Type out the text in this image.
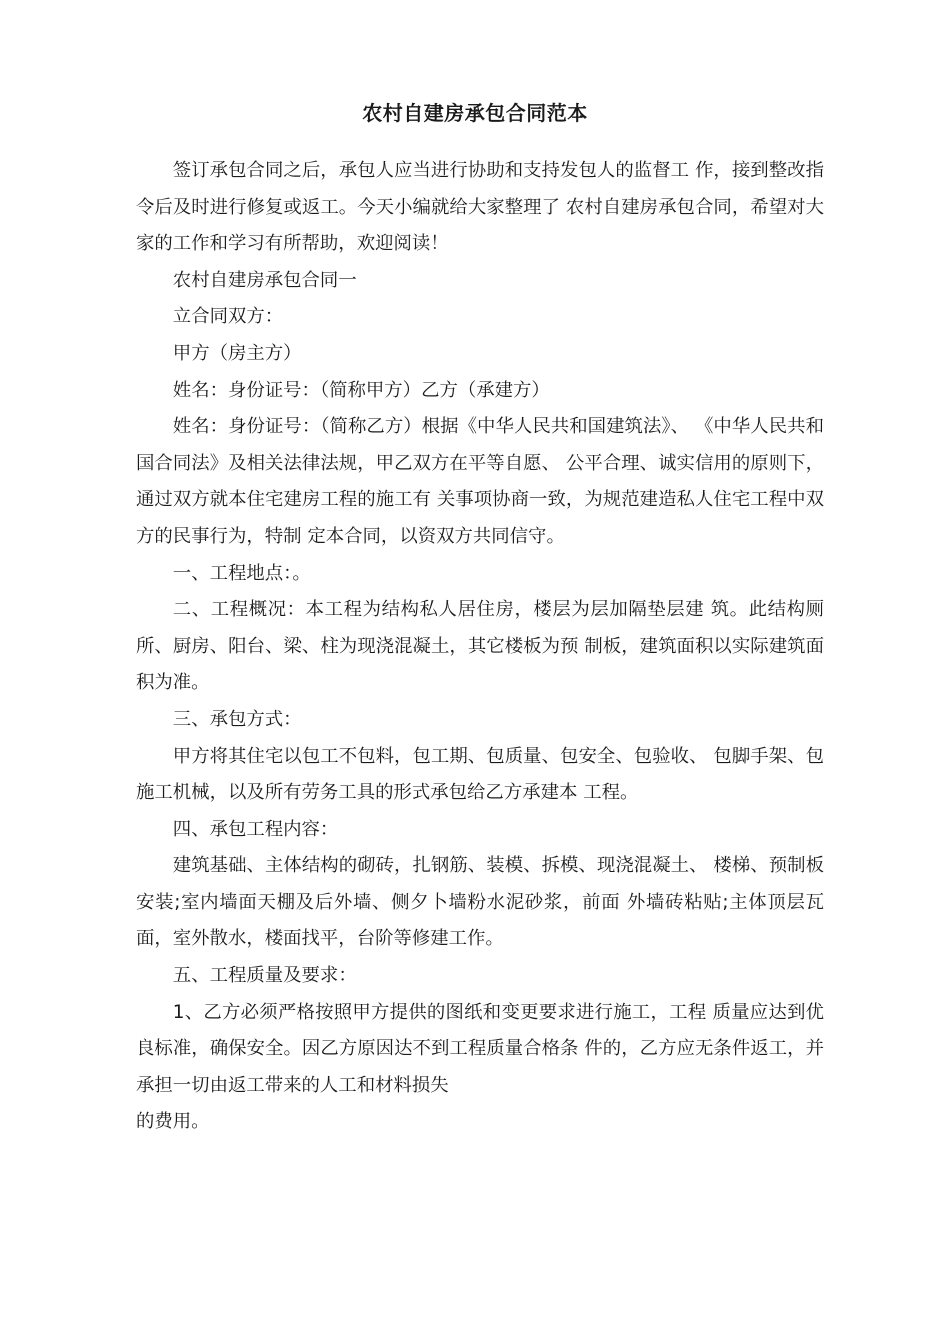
农村自建房承包合同范本

签订承包合同之后，承包人应当进行协助和支持发包人的监督工 作，接到整改指令后及时进行修复或返工。今天小编就给大家整理了 农村自建房承包合同，希望对大家的工作和学习有所帮助，欢迎阅读！

农村自建房承包合同一

立合同双方：

甲方（房主方）

姓名：身份证号：（简称甲方）乙方（承建方）

姓名：身份证号：（简称乙方）根据《中华人民共和国建筑法》、 《中华人民共和国合同法》及相关法律法规，甲乙双方在平等自愿、 公平合理、诚实信用的原则下，通过双方就本住宅建房工程的施工有 关事项协商一致，为规范建造私人住宅工程中双方的民事行为，特制 定本合同，以资双方共同信守。

一、工程地点：。

二、工程概况：本工程为结构私人居住房，楼层为层加隔垫层建 筑。此结构厕所、厨房、阳台、梁、柱为现浇混凝土，其它楼板为预 制板，建筑面积以实际建筑面积为准。

三、承包方式：

甲方将其住宅以包工不包料，包工期、包质量、包安全、包验收、 包脚手架、包施工机械，以及所有劳务工具的形式承包给乙方承建本 工程。

四、承包工程内容：

建筑基础、主体结构的砌砖，扎钢筋、装模、拆模、现浇混凝土、 楼梯、预制板安装;室内墙面天棚及后外墙、侧夕卜墙粉水泥砂浆，前面 外墙砖粘贴;主体顶层瓦面，室外散水，楼面找平，台阶等修建工作。

五、工程质量及要求：

1、乙方必须严格按照甲方提供的图纸和变更要求进行施工，工程 质量应达到优良标准，确保安全。因乙方原因达不到工程质量合格条 件的，乙方应无条件返工，并承担一切由返工带来的人工和材料损失

的费用。
